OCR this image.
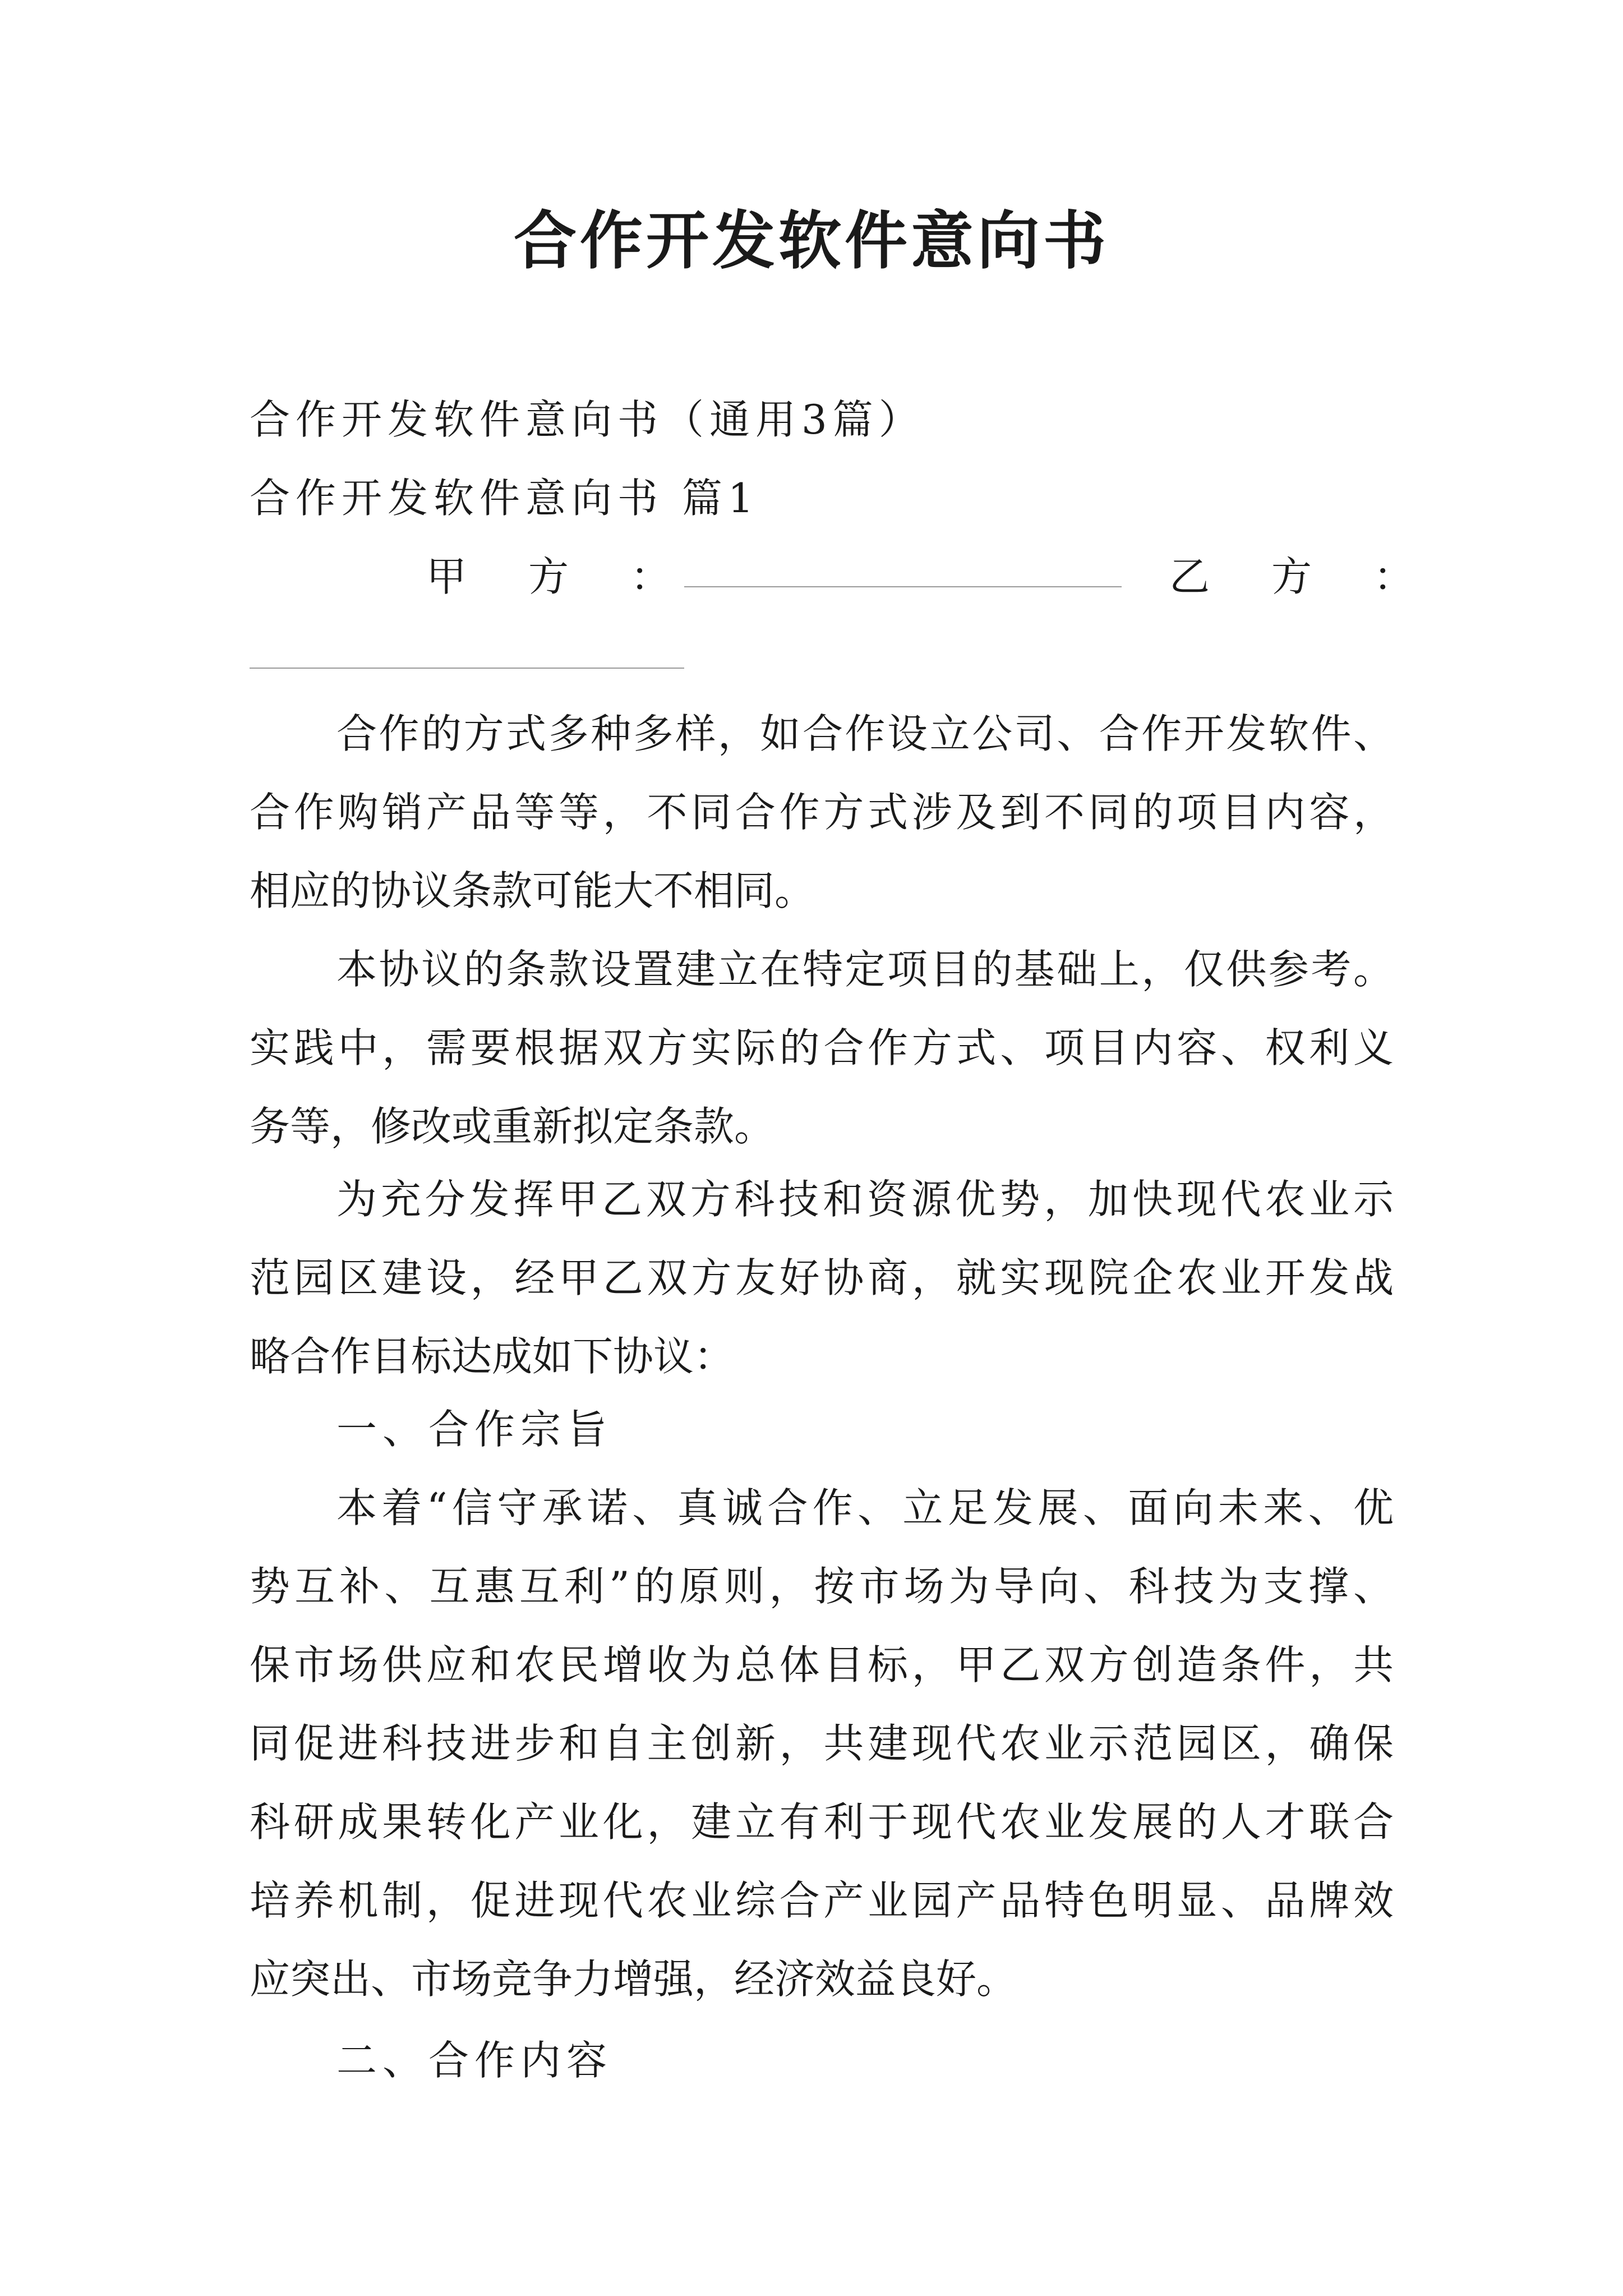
合作开发软件意向书
合作开发软件意向书（通用3篇）
合作开发软件意向书 篇1
甲方：	乙方：
合作的方式多种多样，如合作设立公司、合作开发软件、
合作购销产品等等，不同合作方式涉及到不同的项目内容，
相应的协议条款可能大不相同。
本协议的条款设置建立在特定项目的基础上，仅供参考。
实践中，需要根据双方实际的合作方式、项目内容、权利义
务等，修改或重新拟定条款。
为充分发挥甲乙双方科技和资源优势，加快现代农业示
范园区建设，经甲乙双方友好协商，就实现院企农业开发战
略合作目标达成如下协议：
一、合作宗旨
本着“信守承诺、真诚合作、立足发展、面向未来、优
势互补、互惠互利”的原则，按市场为导向、科技为支撑、
保市场供应和农民增收为总体目标，甲乙双方创造条件，共
同促进科技进步和自主创新，共建现代农业示范园区，确保
科研成果转化产业化，建立有利于现代农业发展的人才联合
培养机制，促进现代农业综合产业园产品特色明显、品牌效
应突出、市场竞争力增强，经济效益良好。
二、合作内容
